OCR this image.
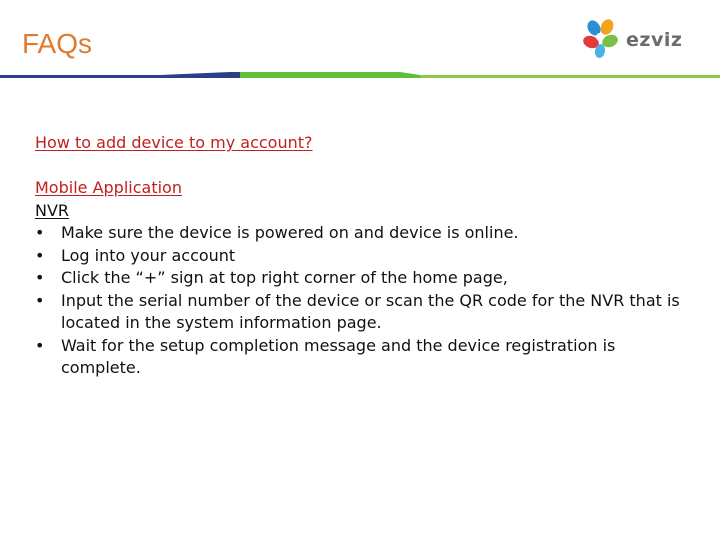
FAQs	ezviz
How to add device to my account?
Mobile Application
NVR
• Make sure the device is powered on and device is online.
• Log into your account
• Click the “+” sign at top right corner of the home page,
• Input the serial number of the device or scan the QR code for the NVR that is located in the system information page.
• Wait for the setup completion message and the device registration is complete.
